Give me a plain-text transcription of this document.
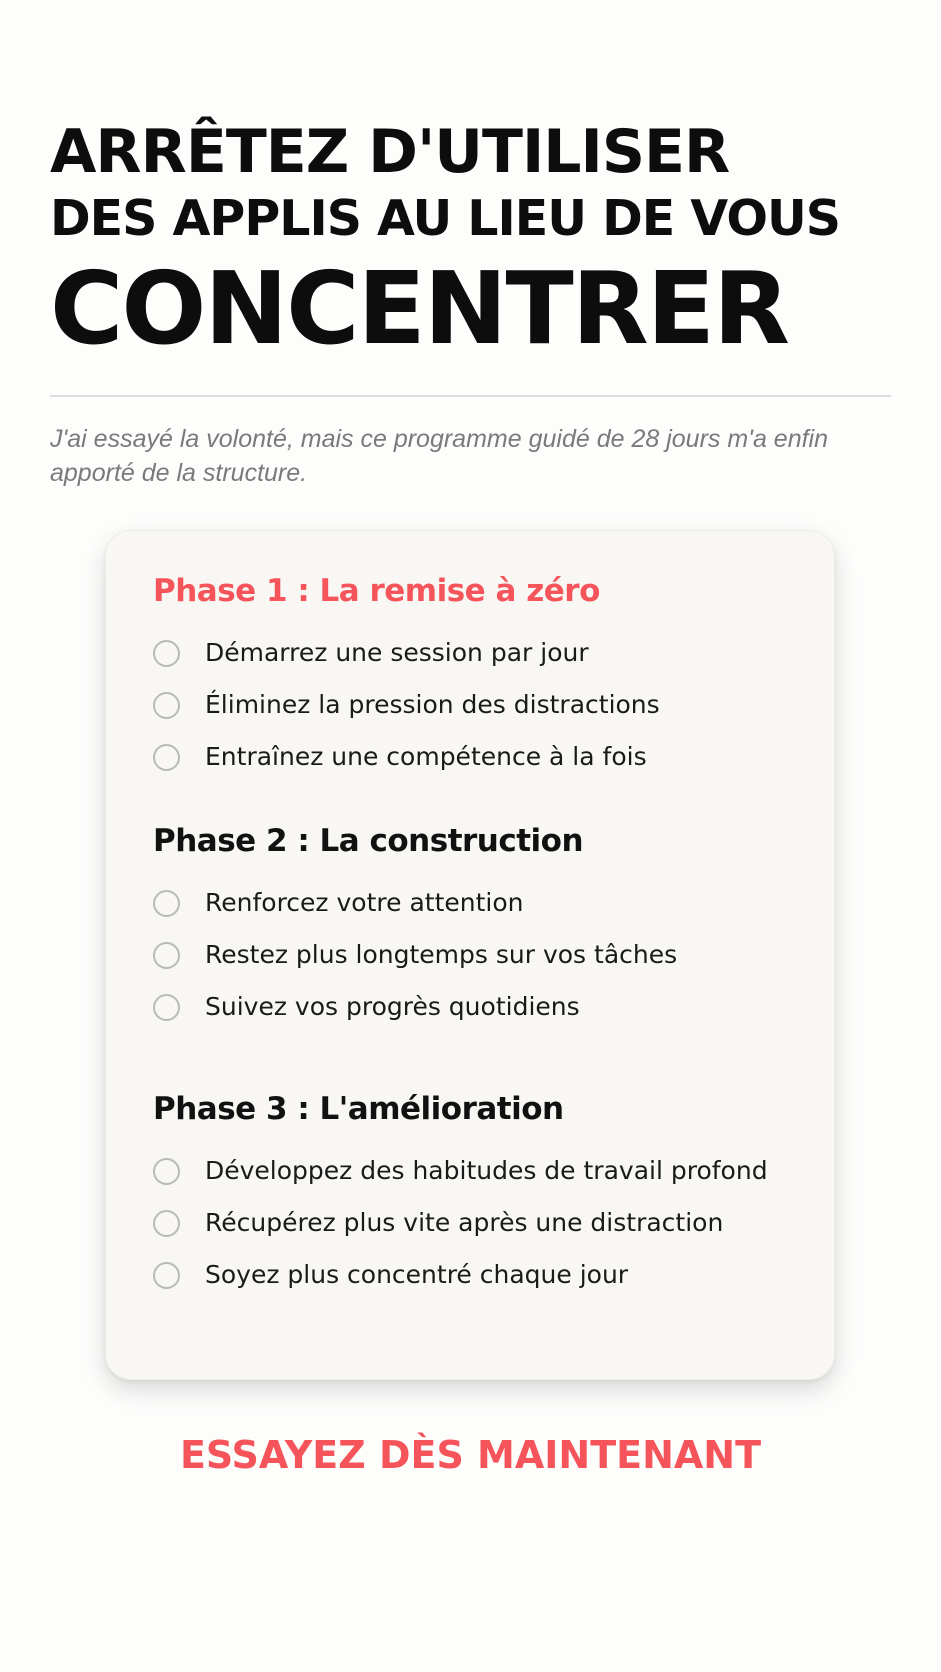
ARRÊTEZ D'UTILISER
DES APPLIS AU LIEU DE VOUS
CONCENTRER

J'ai essayé la volonté, mais ce programme guidé de 28 jours m'a enfin apporté de la structure.

Phase 1 : La remise à zéro
Démarrez une session par jour
Éliminez la pression des distractions
Entraînez une compétence à la fois
Phase 2 : La construction
Renforcez votre attention
Restez plus longtemps sur vos tâches
Suivez vos progrès quotidiens
Phase 3 : L'amélioration
Développez des habitudes de travail profond
Récupérez plus vite après une distraction
Soyez plus concentré chaque jour
ESSAYEZ DÈS MAINTENANT
